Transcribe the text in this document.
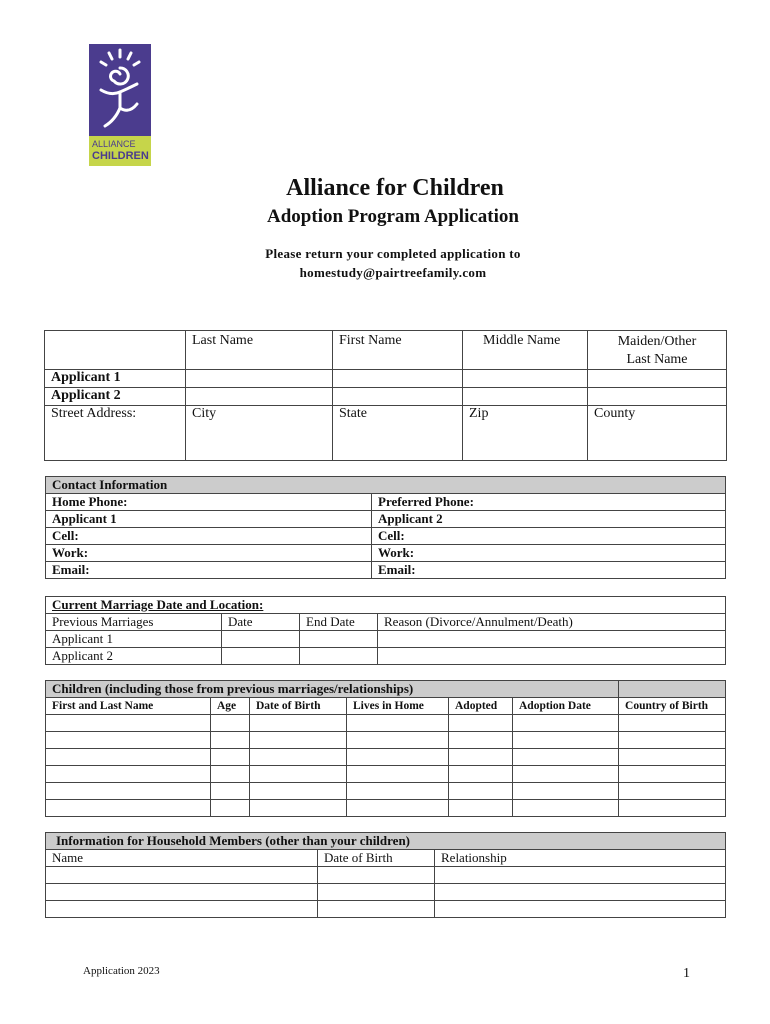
ALLIANCE
CHILDREN
Alliance for Children
Adoption Program Application
Please return your completed application to
homestudy@pairtreefamily.com
	Last Name	First Name	Middle Name	Maiden/Other
Last Name

Applicant 1				
Applicant 2				
Street Address:	City	State	Zip	County
Contact Information	
Home Phone:	Preferred Phone:
Applicant 1	Applicant 2
Cell:	Cell:
Work:	Work:
Email:	Email:
Current Marriage Date and Location:			
Previous Marriages	Date	End Date	Reason (Divorce/Annulment/Death)
Applicant 1			
Applicant 2			
Children (including those from previous marriages/relationships)						
First and Last Name	Age	Date of Birth	Lives in Home	Adopted	Adoption Date	Country of Birth

Information for Household Members (other than your children)		
Name	Date of Birth	Relationship

Application 2023	1
